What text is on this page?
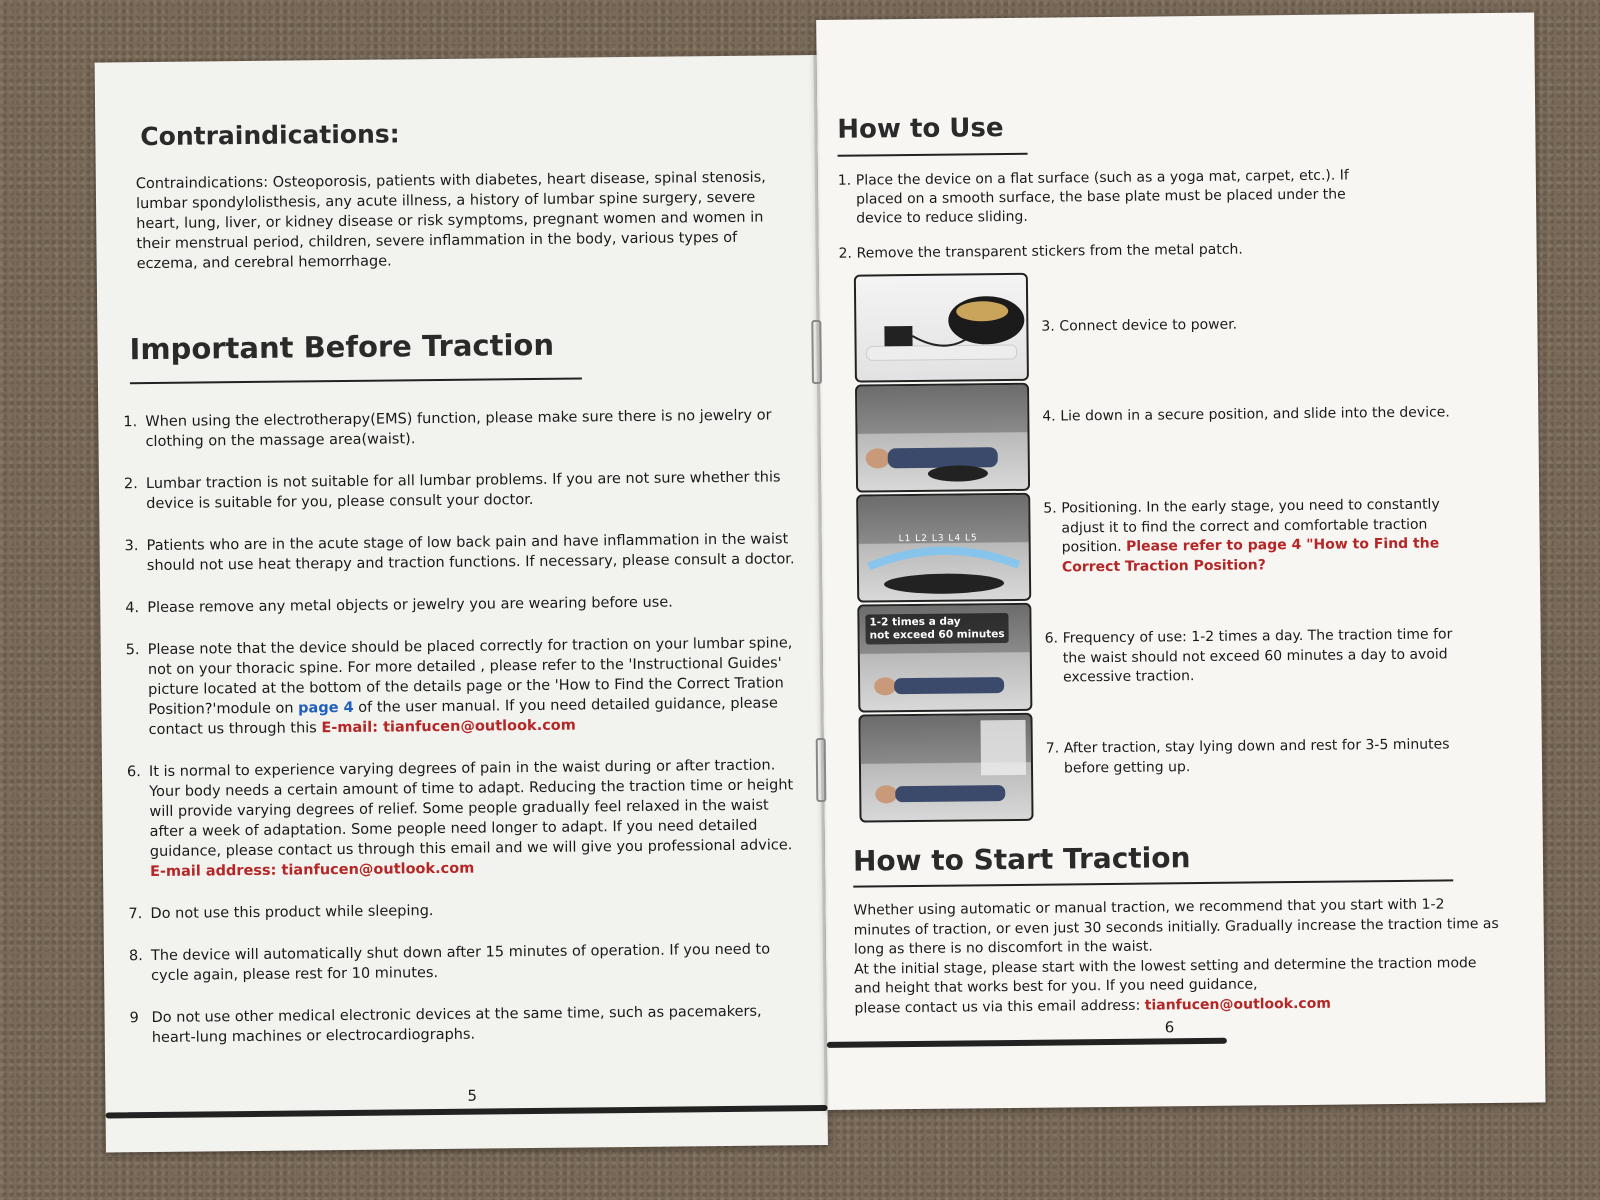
Contraindications:

Contraindications: Osteoporosis, patients with diabetes, heart disease, spinal stenosis, lumbar spondylolisthesis, any acute illness, a history of lumbar spine surgery, severe heart, lung, liver, or kidney disease or risk symptoms, pregnant women and women in their menstrual period, children, severe inflammation in the body, various types of eczema, and cerebral hemorrhage.

Important Before Traction
1. When using the electrotherapy(EMS) function, please make sure there is no jewelry or clothing on the massage area(waist).
2. Lumbar traction is not suitable for all lumbar problems. If you are not sure whether this device is suitable for you, please consult your doctor.
3. Patients who are in the acute stage of low back pain and have inflammation in the waist should not use heat therapy and traction functions. If necessary, please consult a doctor.
4. Please remove any metal objects or jewelry you are wearing before use.
5. Please note that the device should be placed correctly for traction on your lumbar spine, not on your thoracic spine. For more detailed , please refer to the 'Instructional Guides' picture located at the bottom of the details page or the 'How to Find the Correct Tration Position?'module on page 4 of the user manual. If you need detailed guidance, please contact us through this E-mail: tianfucen@outlook.com
6. It is normal to experience varying degrees of pain in the waist during or after traction. Your body needs a certain amount of time to adapt. Reducing the traction time or height will provide varying degrees of relief. Some people gradually feel relaxed in the waist after a week of adaptation. Some people need longer to adapt. If you need detailed guidance, please contact us through this email and we will give you professional advice.
E-mail address: tianfucen@outlook.com
7. Do not use this product while sleeping.
8. The device will automatically shut down after 15 minutes of operation. If you need to cycle again, please rest for 10 minutes.
9 Do not use other medical electronic devices at the same time, such as pacemakers, heart-lung machines or electrocardiographs.
5
How to Use

1. Place the device on a flat surface (such as a yoga mat, carpet, etc.). If placed on a smooth surface, the base plate must be placed under the device to reduce sliding.

2. Remove the transparent stickers from the metal patch.

L1 L2 L3 L4 L5
1-2 times a day
not exceed 60 minutes

3. Connect device to power.

4. Lie down in a secure position, and slide into the device.

5. Positioning. In the early stage, you need to constantly adjust it to find the correct and comfortable traction position. Please refer to page 4 "How to Find the Correct Traction Position?

6. Frequency of use: 1-2 times a day. The traction time for the waist should not exceed 60 minutes a day to avoid excessive traction.

7. After traction, stay lying down and rest for 3-5 minutes before getting up.

How to Start Traction

Whether using automatic or manual traction, we recommend that you start with 1-2 minutes of traction, or even just 30 seconds initially. Gradually increase the traction time as long as there is no discomfort in the waist.

At the initial stage, please start with the lowest setting and determine the traction mode and height that works best for you. If you need guidance,

please contact us via this email address: tianfucen@outlook.com

6
